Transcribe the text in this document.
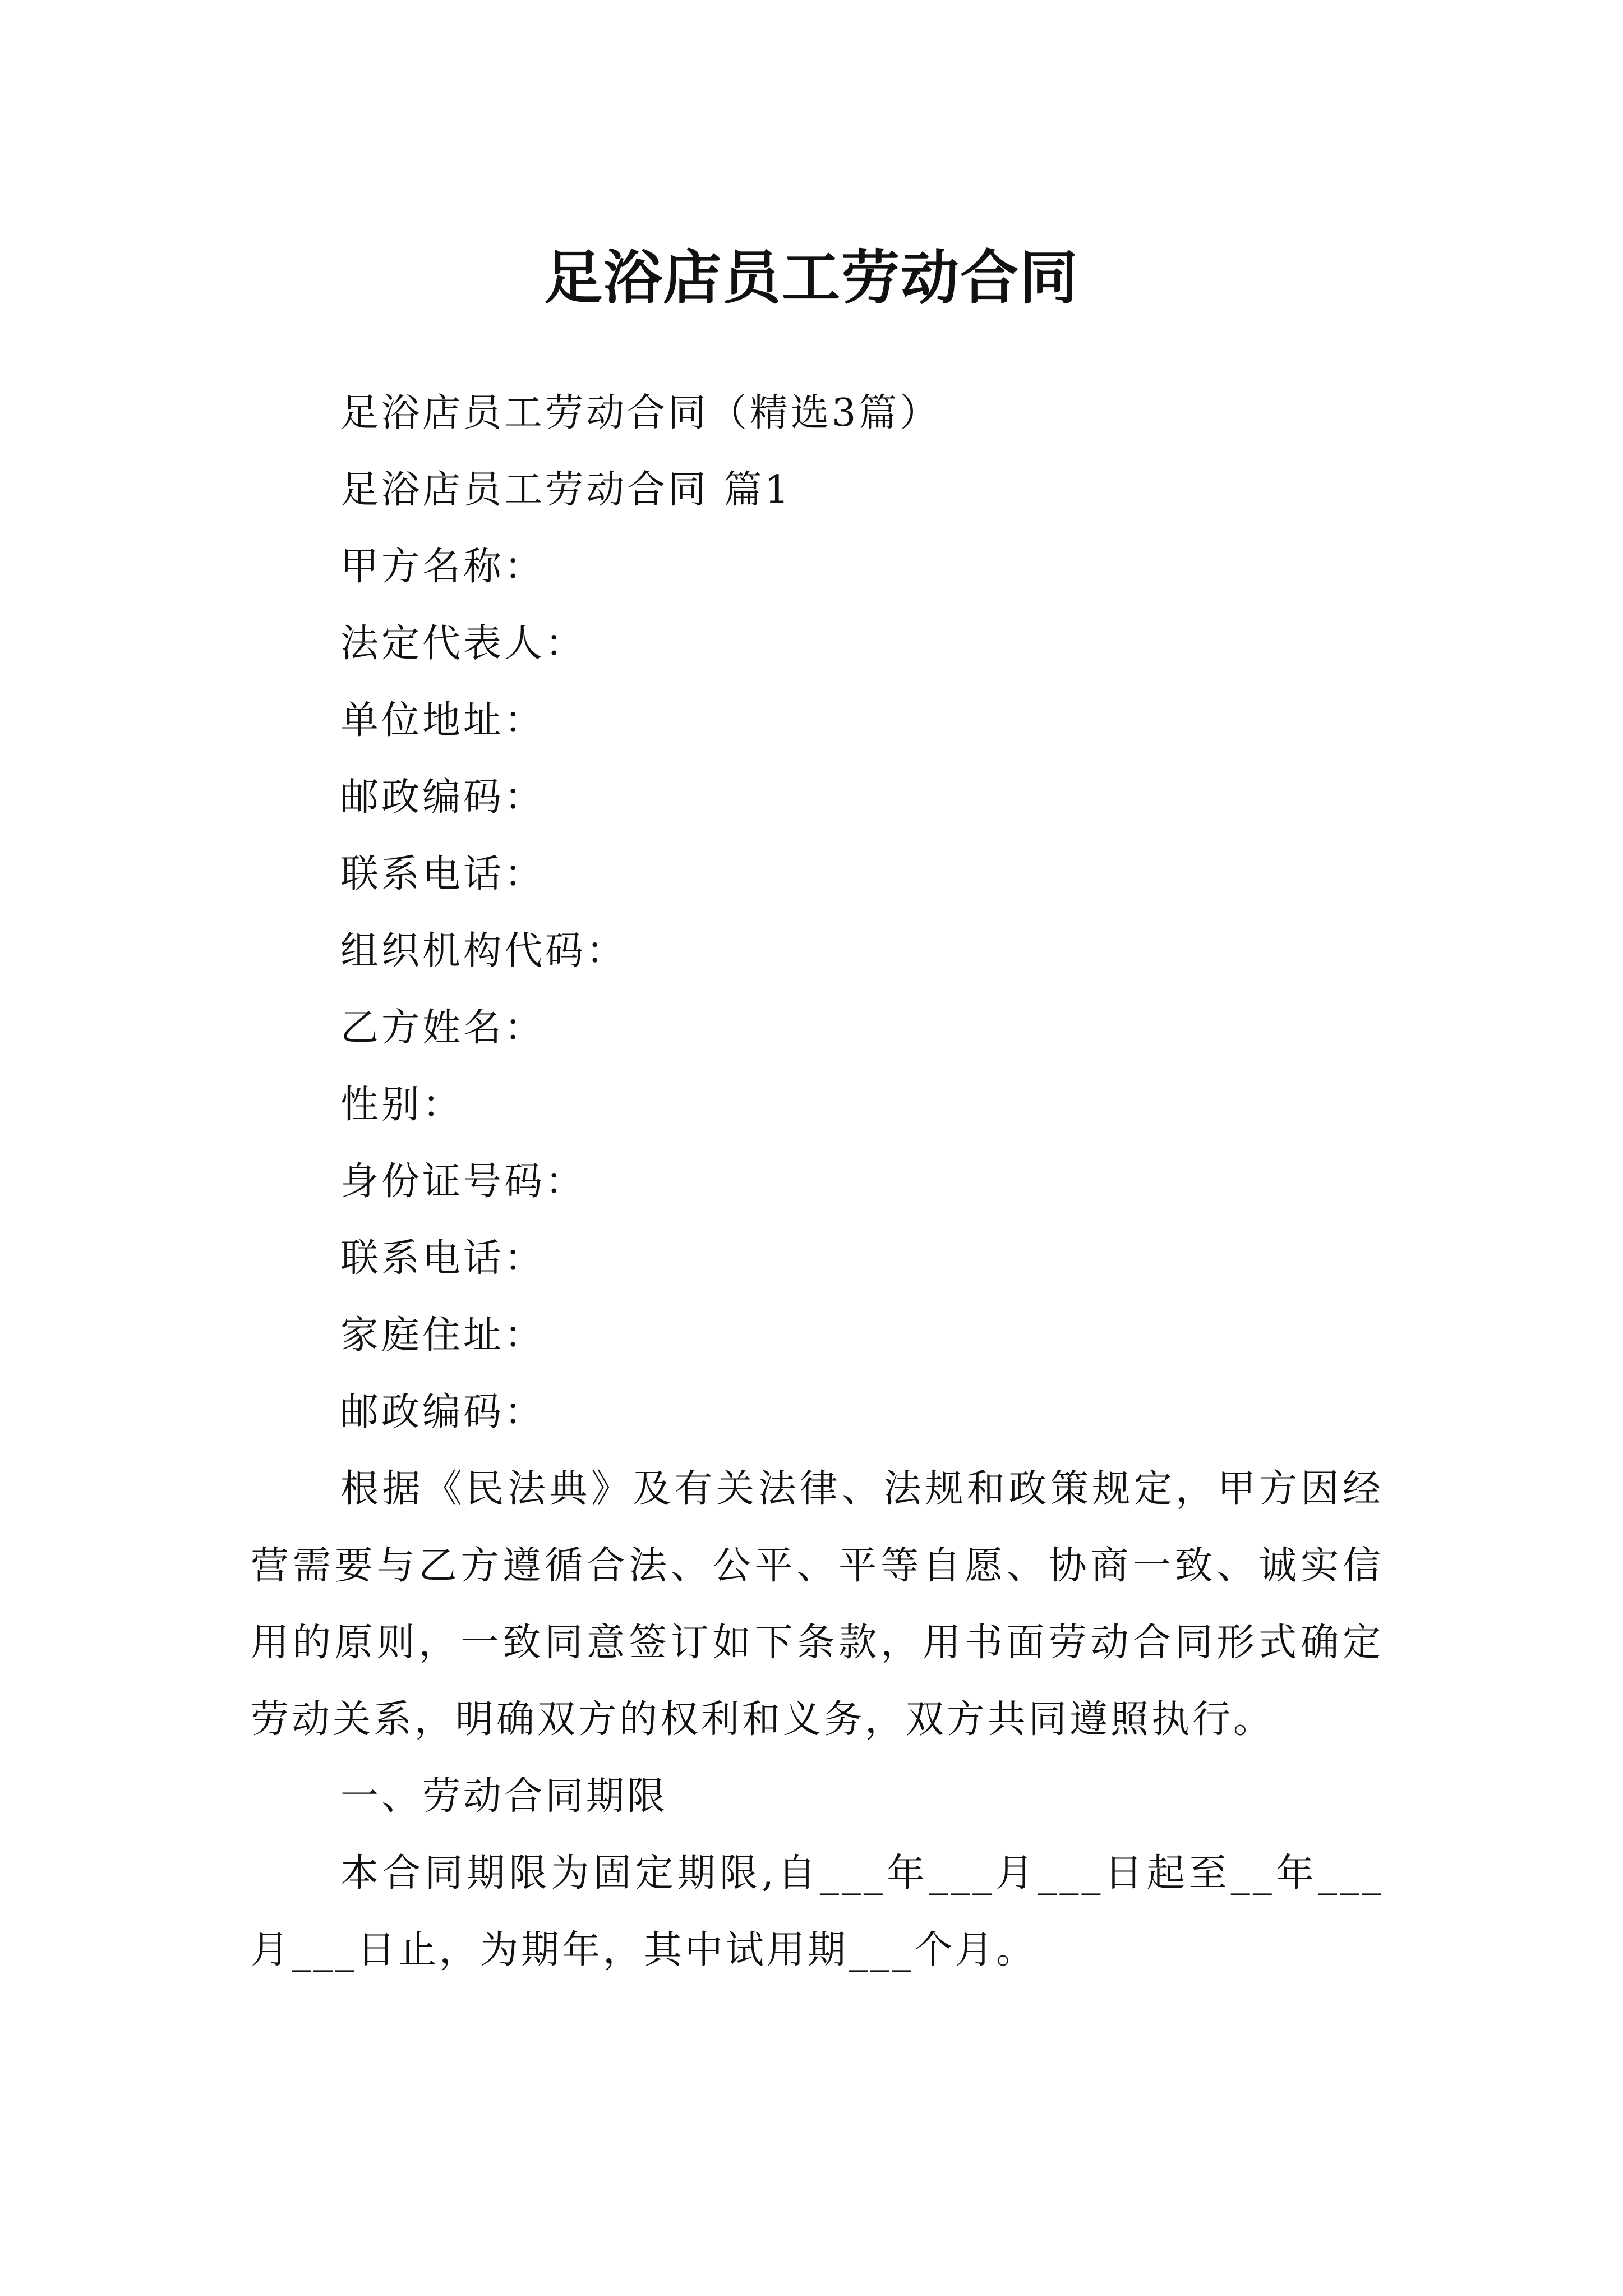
足浴店员工劳动合同

足浴店员工劳动合同（精选3篇）

足浴店员工劳动合同 篇1

甲方名称：

法定代表人：

单位地址：

邮政编码：

联系电话：

组织机构代码：

乙方姓名：

性别：

身份证号码：

联系电话：

家庭住址：

邮政编码：

根据《民法典》及有关法律、法规和政策规定，甲方因经营需要与乙方遵循合法、公平、平等自愿、协商一致、诚实信用的原则，一致同意签订如下条款，用书面劳动合同形式确定劳动关系，明确双方的权利和义务，双方共同遵照执行。

一、劳动合同期限

本合同期限为固定期限,自___年___月___日起至__年___月___日止，为期年，其中试用期___个月。
